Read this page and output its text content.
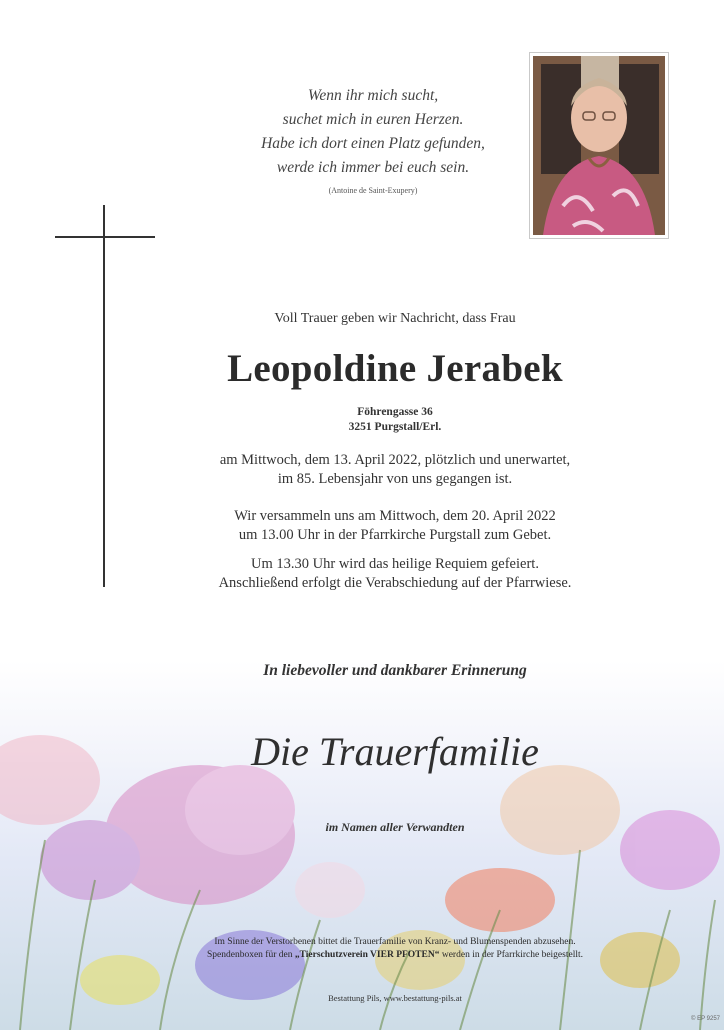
Wenn ihr mich sucht,
suchet mich in euren Herzen.
Habe ich dort einen Platz gefunden,
werde ich immer bei euch sein.
(Antoine de Saint-Exupery)
Voll Trauer geben wir Nachricht, dass Frau
Leopoldine Jerabek
Föhrengasse 36
3251 Purgstall/Erl.
am Mittwoch, dem 13. April 2022, plötzlich und unerwartet,
im 85. Lebensjahr von uns gegangen ist.
Wir versammeln uns am Mittwoch, dem 20. April 2022
um 13.00 Uhr in der Pfarrkirche Purgstall zum Gebet.
Um 13.30 Uhr wird das heilige Requiem gefeiert.
Anschließend erfolgt die Verabschiedung auf der Pfarrwiese.
In liebevoller und dankbarer Erinnerung
Die Trauerfamilie
im Namen aller Verwandten
Im Sinne der Verstorbenen bittet die Trauerfamilie von Kranz- und Blumenspenden abzusehen.
Spendenboxen für den „Tierschutzverein VIER PFOTEN“ werden in der Pfarrkirche beigestellt.
Bestattung Pils, www.bestattung-pils.at
© EP 9257
